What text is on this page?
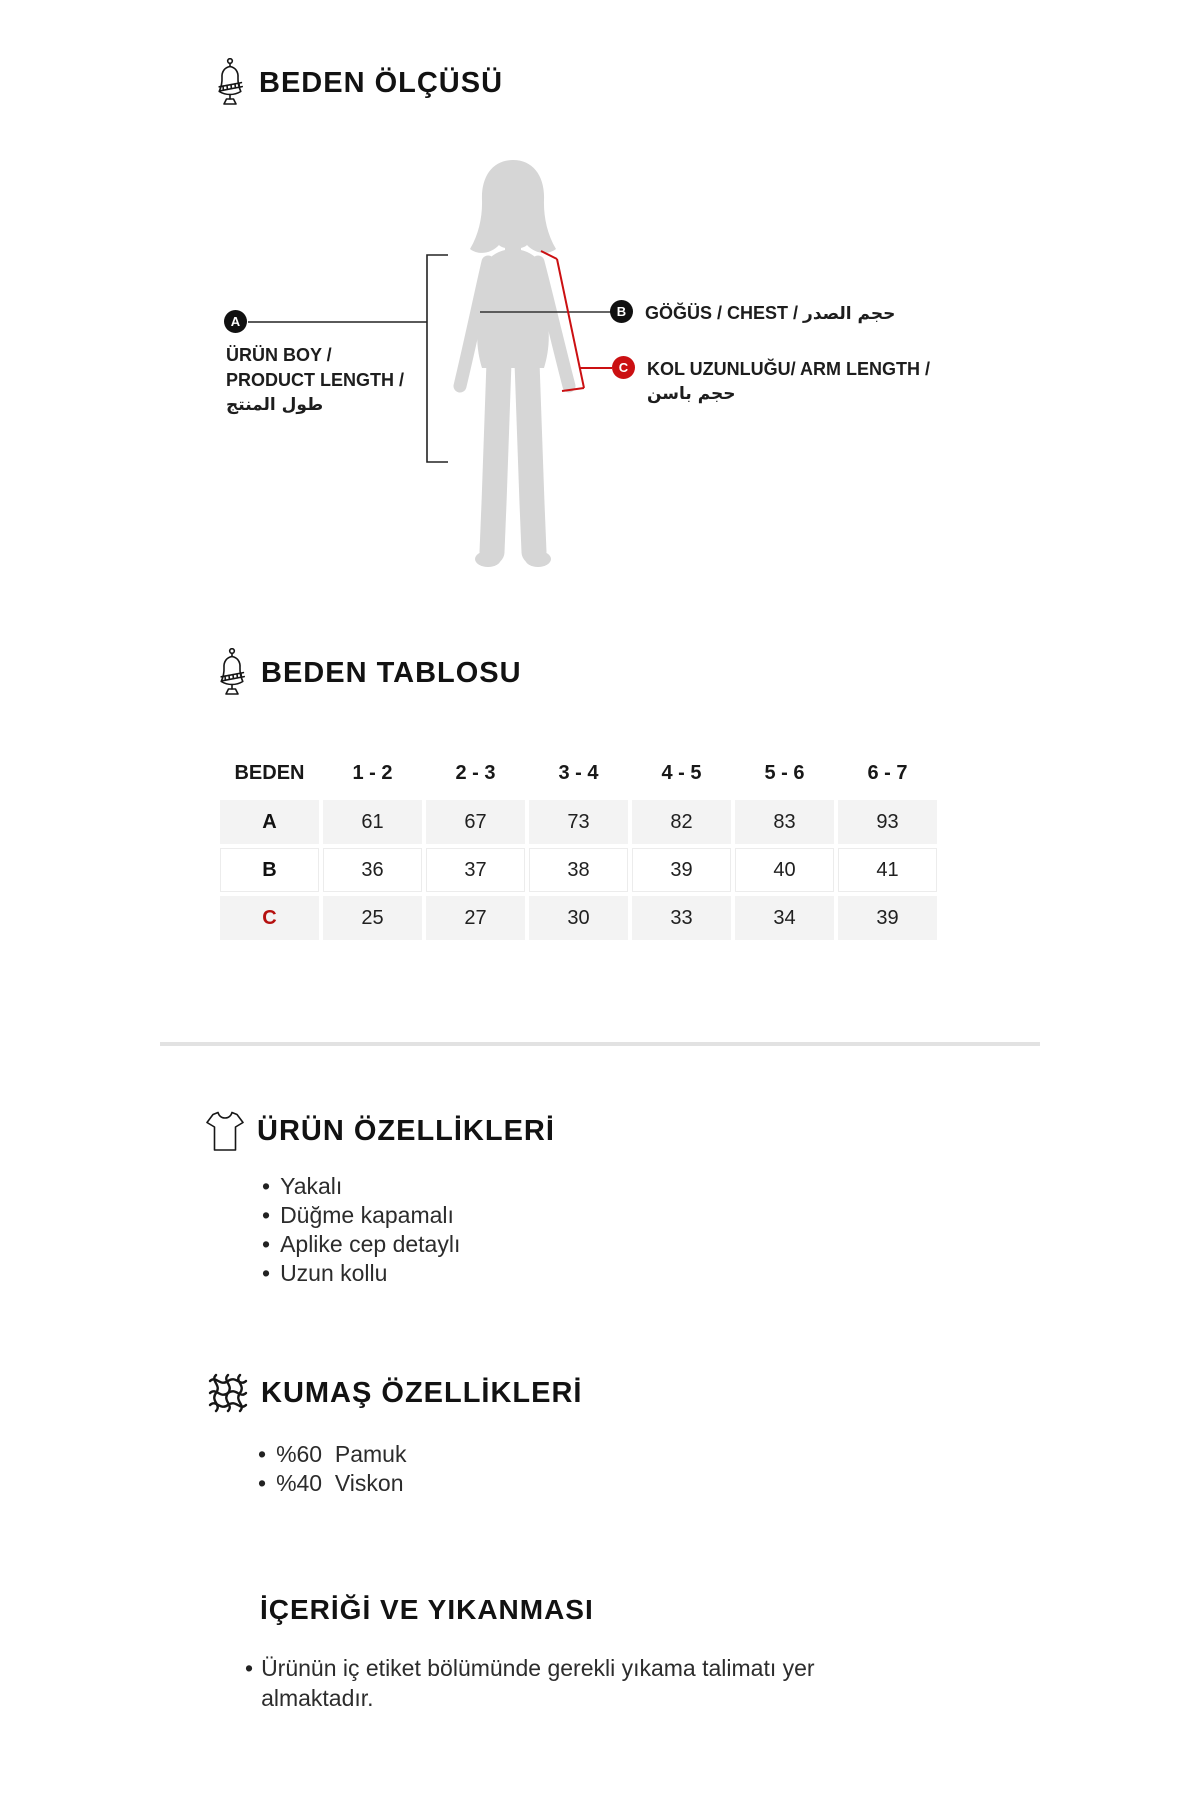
BEDEN ÖLÇÜSÜ
A
B
C
ÜRÜN BOY /
PRODUCT LENGTH /
طول المنتج
GÖĞÜS / CHEST / حجم الصدر
KOL UZUNLUĞU/ ARM LENGTH /
حجم باسن
BEDEN TABLOSU
BEDEN	1 - 2	2 - 3	3 - 4	4 - 5	5 - 6	6 - 7
A	61	67	73	82	83	93
B	36	37	38	39	40	41
C	25	27	30	33	34	39
ÜRÜN ÖZELLİKLERİ
• Yakalı
• Düğme kapamalı
• Aplike cep detaylı
• Uzun kollu
KUMAŞ ÖZELLİKLERİ
• %60  Pamuk
• %40  Viskon
İÇERİĞİ VE YIKANMASI
• Ürünün iç etiket bölümünde gerekli yıkama talimatı yer almaktadır.
